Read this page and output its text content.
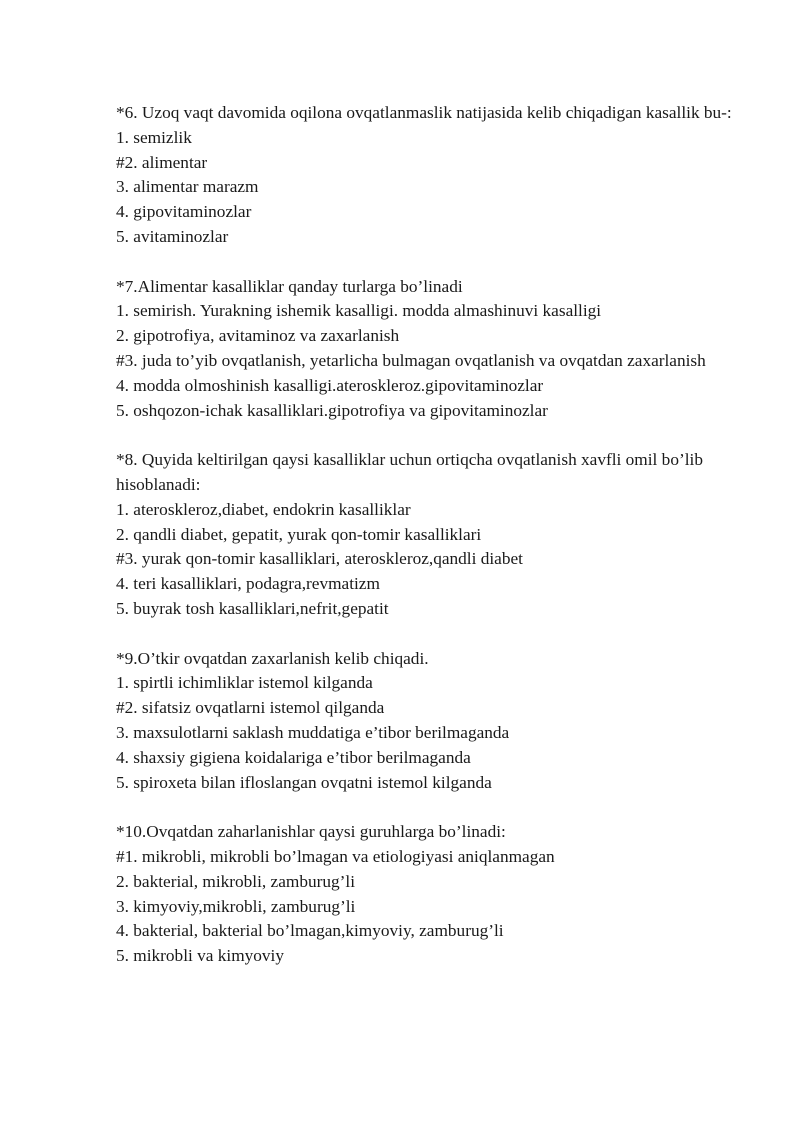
*6. Uzoq vaqt davomida oqilona ovqatlanmaslik natijasida kelib chiqadigan kasallik bu-:
1. semizlik
#2. alimentar
3. alimentar marazm
4. gipovitaminozlar
5. avitaminozlar
*7.Alimentar kasalliklar qanday turlarga bo’linadi
1. semirish. Yurakning ishemik kasalligi. modda almashinuvi kasalligi
2. gipotrofiya, avitaminoz va zaxarlanish
#3. juda to’yib ovqatlanish, yetarlicha bulmagan ovqatlanish va ovqatdan zaxarlanish
4. modda olmoshinish kasalligi.ateroskleroz.gipovitaminozlar
5. oshqozon-ichak kasalliklari.gipotrofiya va gipovitaminozlar
*8. Quyida keltirilgan qaysi kasalliklar uchun ortiqcha ovqatlanish xavfli omil bo’lib hisoblanadi:
1. ateroskleroz,diabet, endokrin kasalliklar
2. qandli diabet, gepatit, yurak qon-tomir kasalliklari
#3. yurak qon-tomir kasalliklari, ateroskleroz,qandli diabet
4. teri kasalliklari, podagra,revmatizm
5. buyrak tosh kasalliklari,nefrit,gepatit
*9.O’tkir ovqatdan zaxarlanish kelib chiqadi.
1. spirtli ichimliklar istemol kilganda
#2. sifatsiz ovqatlarni istemol qilganda
3. maxsulotlarni saklash muddatiga e’tibor berilmaganda
4. shaxsiy gigiena koidalariga e’tibor berilmaganda
5. spiroxeta bilan ifloslangan ovqatni istemol kilganda
*10.Ovqatdan zaharlanishlar qaysi guruhlarga bo’linadi:
#1. mikrobli, mikrobli bo’lmagan va etiologiyasi aniqlanmagan
2. bakterial, mikrobli, zamburug’li
3. kimyoviy,mikrobli, zamburug’li
4. bakterial, bakterial bo’lmagan,kimyoviy, zamburug’li
5. mikrobli va kimyoviy
